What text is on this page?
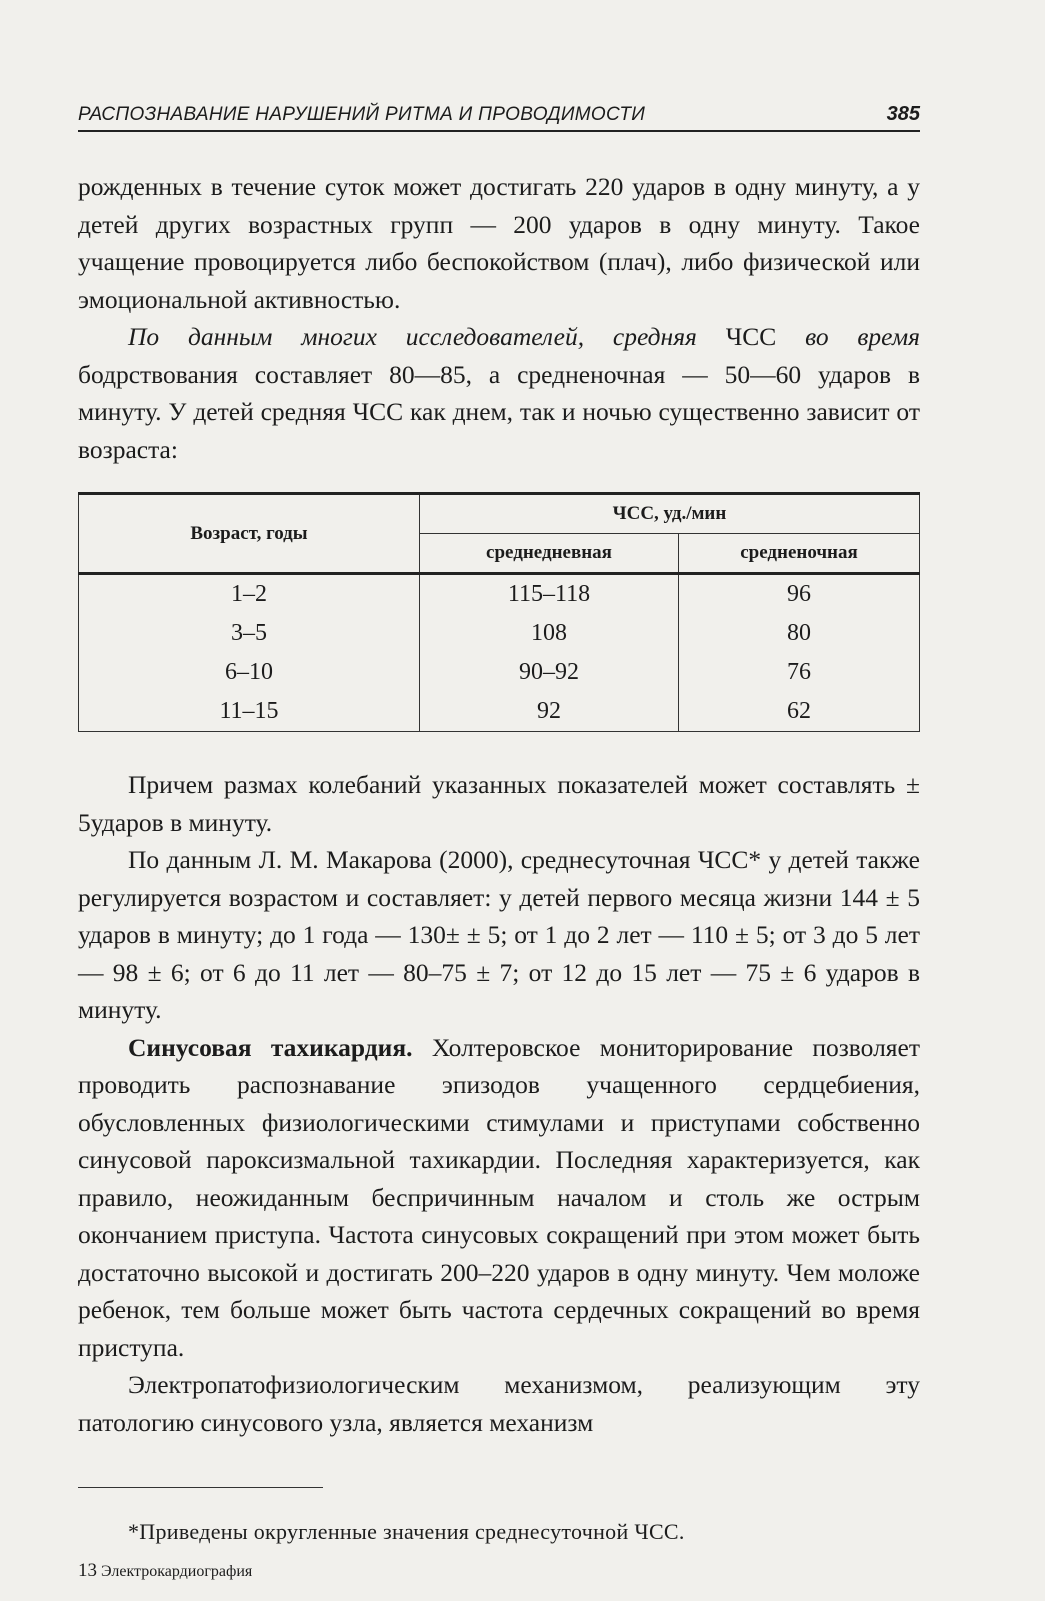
РАСПОЗНАВАНИЕ НАРУШЕНИЙ РИТМА И ПРОВОДИМОСТИ	385

рожденных в течение суток может достигать 220 ударов в одну минуту, а у детей других возрастных групп — 200 ударов в одну минуту. Такое учащение провоцируется либо беспокойством (плач), либо физической или эмоциональной активностью.

По данным многих исследователей, средняя ЧСС во время бодрствования составляет 80—85, а средненочная — 50—60 ударов в минуту. У детей средняя ЧСС как днем, так и ночью существенно зависит от возраста:

Возраст, годы	ЧСС, уд./мин	
	среднедневная	средненочная
1–2	115–118	96
3–5	108	80
6–10	90–92	76
11–15	92	62

Причем размах колебаний указанных показателей может составлять ± 5ударов в минуту.

По данным Л. М. Макарова (2000), среднесуточная ЧСС* у детей также регулируется возрастом и составляет: у детей первого месяца жизни 144 ± 5 ударов в минуту; до 1 года — 130± ± 5; от 1 до 2 лет — 110 ± 5; от 3 до 5 лет — 98 ± 6; от 6 до 11 лет — 80–75 ± 7; от 12 до 15 лет — 75 ± 6 ударов в минуту.

Синусовая тахикардия. Холтеровское мониторирование позволяет проводить распознавание эпизодов учащенного сердцебиения, обусловленных физиологическими стимулами и приступами собственно синусовой пароксизмальной тахикардии. Последняя характеризуется, как правило, неожиданным беспричинным началом и столь же острым окончанием приступа. Частота синусовых сокращений при этом может быть достаточно высокой и достигать 200–220 ударов в одну минуту. Чем моложе ребенок, тем больше может быть частота сердечных сокращений во время приступа.

Электропатофизиологическим механизмом, реализующим эту патологию синусового узла, является механизм

*Приведены округленные значения среднесуточной ЧСС.
13 Электрокардиография
